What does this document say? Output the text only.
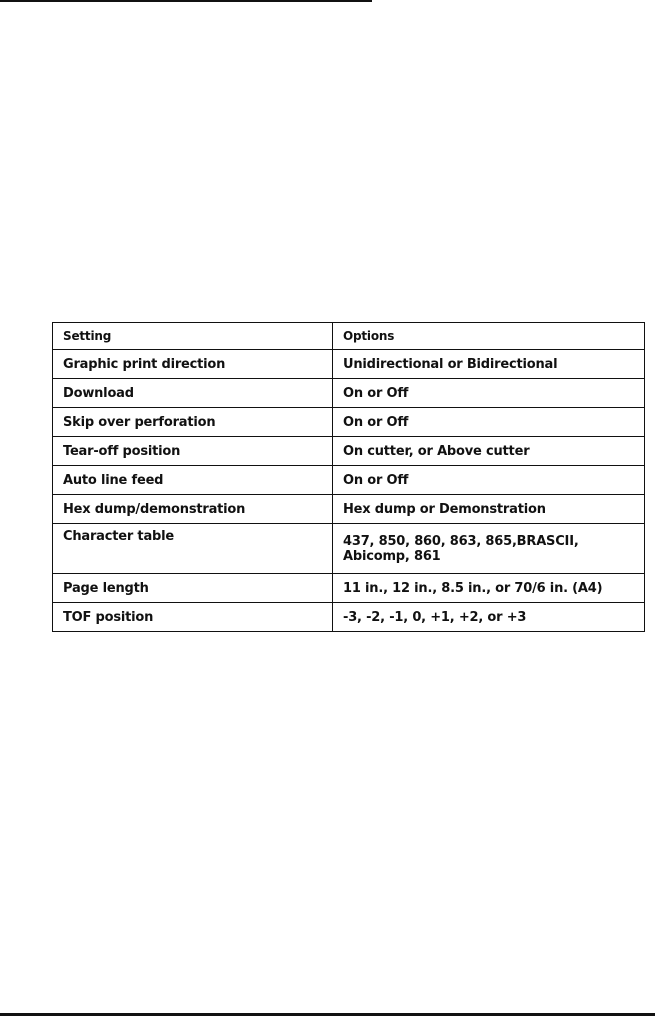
Setting	Options
Graphic print direction	Unidirectional or Bidirectional
Download	On or Off
Skip over perforation	On or Off
Tear-off position	On cutter, or Above cutter
Auto line feed	On or Off
Hex dump/demonstration	Hex dump or Demonstration
Character table	437, 850, 860, 863, 865,BRASCII,
Abicomp, 861

Page length	11 in., 12 in., 8.5 in., or 70/6 in. (A4)
TOF position	-3, -2, -1, 0, +1, +2, or +3
